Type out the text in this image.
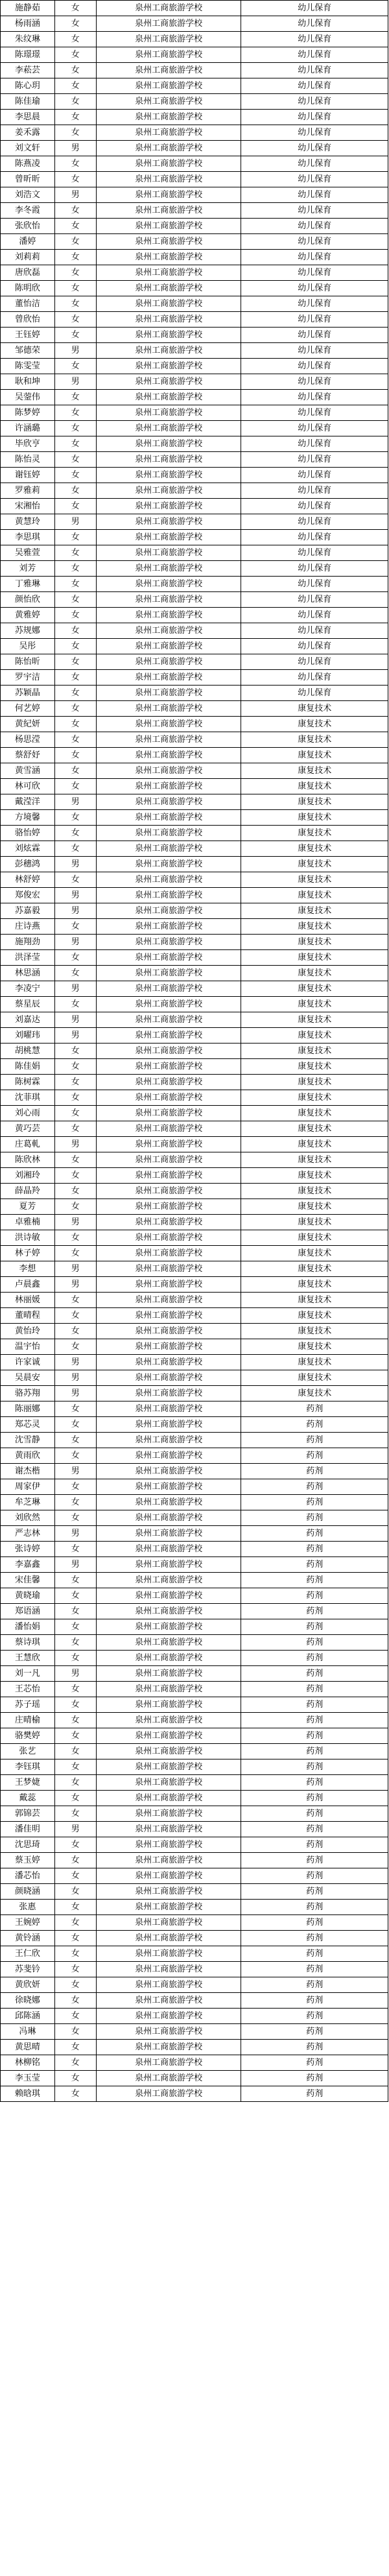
施静茹	女	泉州工商旅游学校	幼儿保育
杨雨涵	女	泉州工商旅游学校	幼儿保育
朱纹琳	女	泉州工商旅游学校	幼儿保育
陈璟璟	女	泉州工商旅游学校	幼儿保育
李菘芸	女	泉州工商旅游学校	幼儿保育
陈心玥	女	泉州工商旅游学校	幼儿保育
陈佳瑜	女	泉州工商旅游学校	幼儿保育
李思晨	女	泉州工商旅游学校	幼儿保育
姜禾露	女	泉州工商旅游学校	幼儿保育
刘文轩	男	泉州工商旅游学校	幼儿保育
陈燕凌	女	泉州工商旅游学校	幼儿保育
曾昕昕	女	泉州工商旅游学校	幼儿保育
刘浩文	男	泉州工商旅游学校	幼儿保育
李冬霞	女	泉州工商旅游学校	幼儿保育
张欣怡	女	泉州工商旅游学校	幼儿保育
潘婷	女	泉州工商旅游学校	幼儿保育
刘莉莉	女	泉州工商旅游学校	幼儿保育
唐欣磊	女	泉州工商旅游学校	幼儿保育
陈明欣	女	泉州工商旅游学校	幼儿保育
董怡洁	女	泉州工商旅游学校	幼儿保育
曾欣怡	女	泉州工商旅游学校	幼儿保育
王钰婷	女	泉州工商旅游学校	幼儿保育
邹德荣	男	泉州工商旅游学校	幼儿保育
陈雯莹	女	泉州工商旅游学校	幼儿保育
耿和坤	男	泉州工商旅游学校	幼儿保育
吴蓥伟	女	泉州工商旅游学校	幼儿保育
陈梦婷	女	泉州工商旅游学校	幼儿保育
许涵璐	女	泉州工商旅游学校	幼儿保育
毕欣亨	女	泉州工商旅游学校	幼儿保育
陈怡灵	女	泉州工商旅游学校	幼儿保育
谢钰婷	女	泉州工商旅游学校	幼儿保育
罗雅莉	女	泉州工商旅游学校	幼儿保育
宋湘怡	女	泉州工商旅游学校	幼儿保育
黄慧玲	男	泉州工商旅游学校	幼儿保育
李思琪	女	泉州工商旅游学校	幼儿保育
吴雅萱	女	泉州工商旅游学校	幼儿保育
刘芳	女	泉州工商旅游学校	幼儿保育
丁雅琳	女	泉州工商旅游学校	幼儿保育
颜怡欣	女	泉州工商旅游学校	幼儿保育
黄雅婷	女	泉州工商旅游学校	幼儿保育
苏规娜	女	泉州工商旅游学校	幼儿保育
吴彤	女	泉州工商旅游学校	幼儿保育
陈怡昕	女	泉州工商旅游学校	幼儿保育
罗宇洁	女	泉州工商旅游学校	幼儿保育
苏颖晶	女	泉州工商旅游学校	幼儿保育
何艺婷	女	泉州工商旅游学校	康复技术
黄紀妍	女	泉州工商旅游学校	康复技术
杨思滢	女	泉州工商旅游学校	康复技术
蔡舒妤	女	泉州工商旅游学校	康复技术
黄雪涵	女	泉州工商旅游学校	康复技术
林可欣	女	泉州工商旅游学校	康复技术
戴滢洋	男	泉州工商旅游学校	康复技术
方境馨	女	泉州工商旅游学校	康复技术
骆怡婷	女	泉州工商旅游学校	康复技术
刘炫霖	女	泉州工商旅游学校	康复技术
彭穗鸿	男	泉州工商旅游学校	康复技术
林舒婷	女	泉州工商旅游学校	康复技术
郑俊宏	男	泉州工商旅游学校	康复技术
苏嘉毅	男	泉州工商旅游学校	康复技术
庄诗燕	女	泉州工商旅游学校	康复技术
施翔劲	男	泉州工商旅游学校	康复技术
洪泽莹	女	泉州工商旅游学校	康复技术
林思涵	女	泉州工商旅游学校	康复技术
李凌宁	男	泉州工商旅游学校	康复技术
蔡星辰	女	泉州工商旅游学校	康复技术
刘嘉达	男	泉州工商旅游学校	康复技术
刘曜玮	男	泉州工商旅游学校	康复技术
胡桃慧	女	泉州工商旅游学校	康复技术
陈佳娟	女	泉州工商旅游学校	康复技术
陈树霖	女	泉州工商旅游学校	康复技术
沈菲琪	女	泉州工商旅游学校	康复技术
刘心雨	女	泉州工商旅游学校	康复技术
黄巧芸	女	泉州工商旅游学校	康复技术
庄葛軋	男	泉州工商旅游学校	康复技术
陈欣林	女	泉州工商旅游学校	康复技术
刘湘玲	女	泉州工商旅游学校	康复技术
薛晶羚	女	泉州工商旅游学校	康复技术
夏芳	女	泉州工商旅游学校	康复技术
卓雅楠	男	泉州工商旅游学校	康复技术
洪诗敏	女	泉州工商旅游学校	康复技术
林子婷	女	泉州工商旅游学校	康复技术
李想	男	泉州工商旅游学校	康复技术
卢晨鑫	男	泉州工商旅游学校	康复技术
林丽媛	女	泉州工商旅游学校	康复技术
董晴程	女	泉州工商旅游学校	康复技术
黄怡玲	女	泉州工商旅游学校	康复技术
温宇怡	女	泉州工商旅游学校	康复技术
许家诚	男	泉州工商旅游学校	康复技术
吴晨安	男	泉州工商旅游学校	康复技术
骆苏翔	男	泉州工商旅游学校	康复技术
陈丽娜	女	泉州工商旅游学校	药剂
郑芯灵	女	泉州工商旅游学校	药剂
沈雪静	女	泉州工商旅游学校	药剂
黄雨欣	女	泉州工商旅游学校	药剂
谢杰楷	男	泉州工商旅游学校	药剂
周家伊	女	泉州工商旅游学校	药剂
牟芝琳	女	泉州工商旅游学校	药剂
刘欣然	女	泉州工商旅游学校	药剂
严志林	男	泉州工商旅游学校	药剂
张诗婷	女	泉州工商旅游学校	药剂
李嘉鑫	男	泉州工商旅游学校	药剂
宋佳馨	女	泉州工商旅游学校	药剂
黄晓瑜	女	泉州工商旅游学校	药剂
郑语涵	女	泉州工商旅游学校	药剂
潘怡娟	女	泉州工商旅游学校	药剂
蔡诗琪	女	泉州工商旅游学校	药剂
王慧欣	女	泉州工商旅游学校	药剂
刘一凡	男	泉州工商旅游学校	药剂
王芯怡	女	泉州工商旅游学校	药剂
苏子瑶	女	泉州工商旅游学校	药剂
庄晴榆	女	泉州工商旅游学校	药剂
骆樊婷	女	泉州工商旅游学校	药剂
张艺	女	泉州工商旅游学校	药剂
李钰琪	女	泉州工商旅游学校	药剂
王梦婕	女	泉州工商旅游学校	药剂
戴蕊	女	泉州工商旅游学校	药剂
郭锦芸	女	泉州工商旅游学校	药剂
潘佳明	男	泉州工商旅游学校	药剂
沈思琦	女	泉州工商旅游学校	药剂
蔡玉婷	女	泉州工商旅游学校	药剂
潘芯怡	女	泉州工商旅游学校	药剂
颜晓涵	女	泉州工商旅游学校	药剂
张惠	女	泉州工商旅游学校	药剂
王婉婷	女	泉州工商旅游学校	药剂
黄铃涵	女	泉州工商旅游学校	药剂
王仁欣	女	泉州工商旅游学校	药剂
苏斐钤	女	泉州工商旅游学校	药剂
黄欣妍	女	泉州工商旅游学校	药剂
徐晓娜	女	泉州工商旅游学校	药剂
邱陈涵	女	泉州工商旅游学校	药剂
冯琳	女	泉州工商旅游学校	药剂
黄思晴	女	泉州工商旅游学校	药剂
林柳铭	女	泉州工商旅游学校	药剂
李玉莹	女	泉州工商旅游学校	药剂
赖晗琪	女	泉州工商旅游学校	药剂
